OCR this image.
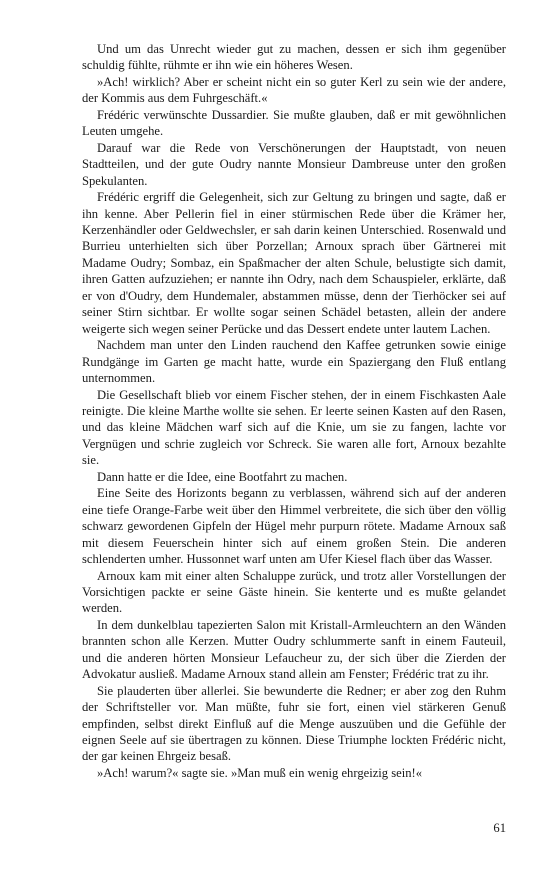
Und um das Unrecht wieder gut zu machen, dessen er sich ihm gegenüber schuldig fühlte, rühmte er ihn wie ein höheres Wesen.

»Ach! wirklich? Aber er scheint nicht ein so guter Kerl zu sein wie der andere, der Kommis aus dem Fuhrgeschäft.«

Frédéric verwünschte Dussardier. Sie mußte glauben, daß er mit gewöhnlichen Leuten umgehe.

Darauf war die Rede von Verschönerungen der Hauptstadt, von neuen Stadtteilen, und der gute Oudry nannte Monsieur Dambreuse unter den großen Spekulanten.

Frédéric ergriff die Gelegenheit, sich zur Geltung zu bringen und sagte, daß er ihn kenne. Aber Pellerin fiel in einer stürmischen Rede über die Krämer her, Kerzenhändler oder Geldwechsler, er sah darin keinen Unterschied. Rosenwald und Burrieu unterhielten sich über Porzellan; Arnoux sprach über Gärtnerei mit Madame Oudry; Sombaz, ein Spaßmacher der alten Schule, belustigte sich damit, ihren Gatten aufzuziehen; er nannte ihn Odry, nach dem Schauspieler, erklärte, daß er von d'Oudry, dem Hundemaler, abstammen müsse, denn der Tierhöcker sei auf seiner Stirn sichtbar. Er wollte sogar seinen Schädel betasten, allein der andere weigerte sich wegen seiner Perücke und das Dessert endete unter lautem Lachen.

Nachdem man unter den Linden rauchend den Kaffee getrunken sowie einige Rundgänge im Garten ge macht hatte, wurde ein Spaziergang den Fluß entlang unternommen.

Die Gesellschaft blieb vor einem Fischer stehen, der in einem Fischkasten Aale reinigte. Die kleine Marthe wollte sie sehen. Er leerte seinen Kasten auf den Rasen, und das kleine Mädchen warf sich auf die Knie, um sie zu fangen, lachte vor Vergnügen und schrie zugleich vor Schreck. Sie waren alle fort, Arnoux bezahlte sie.

Dann hatte er die Idee, eine Bootfahrt zu machen.

Eine Seite des Horizonts begann zu verblassen, während sich auf der anderen eine tiefe Orange-Farbe weit über den Himmel verbreitete, die sich über den völlig schwarz gewordenen Gipfeln der Hügel mehr purpurn rötete. Madame Arnoux saß mit diesem Feuerschein hinter sich auf einem großen Stein. Die anderen schlenderten umher. Hussonnet warf unten am Ufer Kiesel flach über das Wasser.

Arnoux kam mit einer alten Schaluppe zurück, und trotz aller Vorstellungen der Vorsichtigen packte er seine Gäste hinein. Sie kenterte und es mußte gelandet werden.

In dem dunkelblau tapezierten Salon mit Kristall-Armleuchtern an den Wänden brannten schon alle Kerzen. Mutter Oudry schlummerte sanft in einem Fauteuil, und die anderen hörten Monsieur Lefaucheur zu, der sich über die Zierden der Advokatur ausließ. Madame Arnoux stand allein am Fenster; Frédéric trat zu ihr.

Sie plauderten über allerlei. Sie bewunderte die Redner; er aber zog den Ruhm der Schriftsteller vor. Man müßte, fuhr sie fort, einen viel stärkeren Genuß empfinden, selbst direkt Einfluß auf die Menge auszuüben und die Gefühle der eignen Seele auf sie übertragen zu können. Diese Triumphe lockten Frédéric nicht, der gar keinen Ehrgeiz besaß.

»Ach! warum?« sagte sie. »Man muß ein wenig ehrgeizig sein!«

61
